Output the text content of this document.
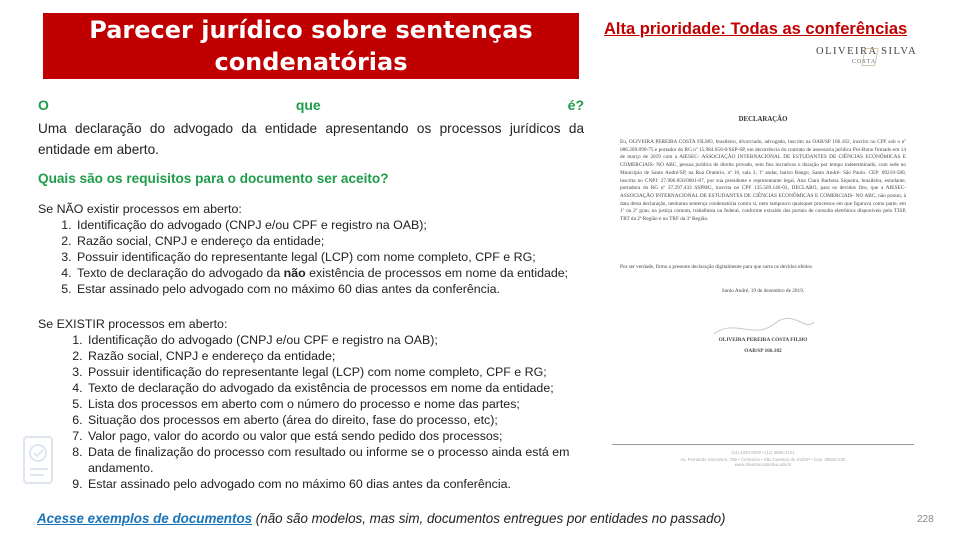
Parecer jurídico sobre sentenças
condenatórias
Alta prioridade: Todas as conferências
OLIVEIRA SILVA
COSTA
O	que	é?
Uma declaração do advogado da entidade apresentando os processos jurídicos da entidade em aberto.
Quais são os requisitos para o documento ser aceito?
Se NÃO existir processos em aberto:
1. Identificação do advogado (CNPJ e/ou CPF e registro na OAB);
2. Razão social, CNPJ e endereço da entidade;
3. Possuir identificação do representante legal (LCP) com nome completo, CPF e RG;
4. Texto de declaração do advogado da não existência de processos em nome da entidade;
5. Estar assinado pelo advogado com no máximo 60 dias antes da conferência.
Se EXISTIR processos em aberto:
1. Identificação do advogado (CNPJ e/ou CPF e registro na OAB);
2. Razão social, CNPJ e endereço da entidade;
3. Possuir identificação do representante legal (LCP) com nome completo, CPF e RG;
4. Texto de declaração do advogado da existência de processos em nome da entidade;
5. Lista dos processos em aberto com o número do processo e nome das partes;
6. Situação dos processos em aberto (área do direito, fase do processo, etc);
7. Valor pago, valor do acordo ou valor que está sendo pedido dos processos;
8. Data de finalização do processo com resultado ou informe se o processo ainda está em andamento.
9. Estar assinado pelo advogado com no máximo 60 dias antes da conferência.
Acesse exemplos de documentos (não são modelos, mas sim, documentos entregues por entidades no passado)	228
DECLARAÇÃO
Eu, OLIVEIRA PEREIRA COSTA FILHO, brasileiro, divorciado, advogado, inscrito na OAB/SP 166.182, inscrito no CPF sob o nº 086.209.099-75 e portador do RG nº 15.984.656-0/SSP-SP, em decorrência do contrato de assessoria jurídica Pró-Bono firmado em 14 de março de 2019 com a AIESEC- ASSOCIAÇÃO INTERNACIONAL DE ESTUDANTES DE CIÊNCIAS ECONÔMICAS E COMERCIAIS- NO ABC, pessoa jurídica de direito privado, sem fins lucrativos e duração por tempo indeterminado, com sede no Município de Santo André/SP, na Rua Oratório, nº 10, sala 3, 1º andar, bairro Bangu, Santo André- São Paulo. CEP: 09210-580, inscrita no CNPJ: 27.906.856/0001-87, por sua presidente e representante legal, Ana Clara Barbosa Siqueira, brasileira, estudante, portadora do RG nº 37.297.433 SSPMG, inscrita no CPF 135.569.146-03, DECLARO, para os devidos fins, que a AIESEC- ASSOCIAÇÃO INTERNACIONAL DE ESTUDANTES DE CIÊNCIAS ECONÔMICAS E COMERCIAIS- NO ABC, não possui, à data desta declaração, nenhuma sentença condenatória contra si, nem tampouco quaisquer processos em que figurava como parte, em 1º ou 2º grau, na justiça comum, trabalhista ou federal, conforme extraído dos portais de consulta eletrônica disponíveis pelo TJSP, TRT da 2ª Região e no TRF da 3ª Região.
Por ser verdade, firmo a presente declaração digitalmente para que surta os devidos efeitos
Santo André, 19 de dezembro de 2019.
OLIVEIRA PEREIRA COSTA FILHO
OAB/SP 166.182
(11) 4330-8000 • (11) 3565-4121
Av. Fernando Simonsen, 785 • Cerâmica • São Caetano do Sul/SP • Cep: 09540-230
www.oliveiracostasilva.adv.br
